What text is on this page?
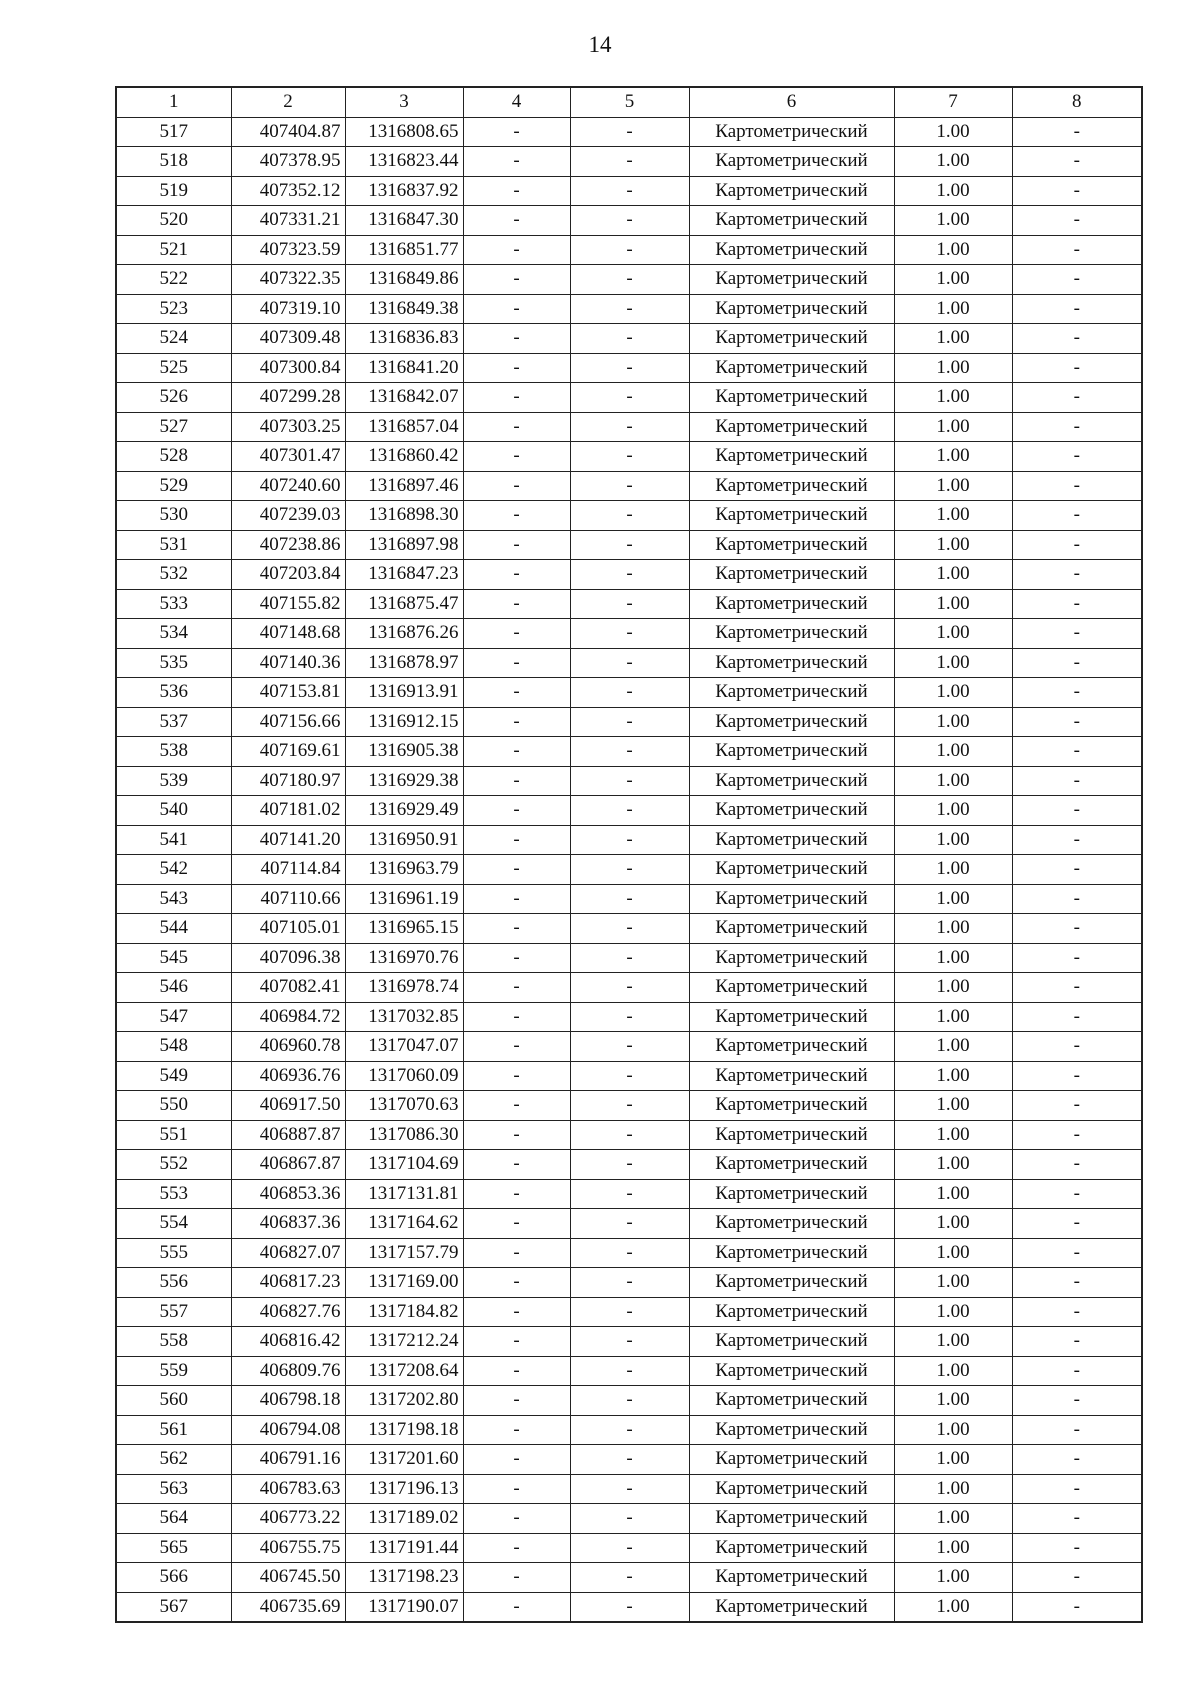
14
1	2	3	4	5	6	7	8
517	407404.87	1316808.65	-	-	Картометрический	1.00	-
518	407378.95	1316823.44	-	-	Картометрический	1.00	-
519	407352.12	1316837.92	-	-	Картометрический	1.00	-
520	407331.21	1316847.30	-	-	Картометрический	1.00	-
521	407323.59	1316851.77	-	-	Картометрический	1.00	-
522	407322.35	1316849.86	-	-	Картометрический	1.00	-
523	407319.10	1316849.38	-	-	Картометрический	1.00	-
524	407309.48	1316836.83	-	-	Картометрический	1.00	-
525	407300.84	1316841.20	-	-	Картометрический	1.00	-
526	407299.28	1316842.07	-	-	Картометрический	1.00	-
527	407303.25	1316857.04	-	-	Картометрический	1.00	-
528	407301.47	1316860.42	-	-	Картометрический	1.00	-
529	407240.60	1316897.46	-	-	Картометрический	1.00	-
530	407239.03	1316898.30	-	-	Картометрический	1.00	-
531	407238.86	1316897.98	-	-	Картометрический	1.00	-
532	407203.84	1316847.23	-	-	Картометрический	1.00	-
533	407155.82	1316875.47	-	-	Картометрический	1.00	-
534	407148.68	1316876.26	-	-	Картометрический	1.00	-
535	407140.36	1316878.97	-	-	Картометрический	1.00	-
536	407153.81	1316913.91	-	-	Картометрический	1.00	-
537	407156.66	1316912.15	-	-	Картометрический	1.00	-
538	407169.61	1316905.38	-	-	Картометрический	1.00	-
539	407180.97	1316929.38	-	-	Картометрический	1.00	-
540	407181.02	1316929.49	-	-	Картометрический	1.00	-
541	407141.20	1316950.91	-	-	Картометрический	1.00	-
542	407114.84	1316963.79	-	-	Картометрический	1.00	-
543	407110.66	1316961.19	-	-	Картометрический	1.00	-
544	407105.01	1316965.15	-	-	Картометрический	1.00	-
545	407096.38	1316970.76	-	-	Картометрический	1.00	-
546	407082.41	1316978.74	-	-	Картометрический	1.00	-
547	406984.72	1317032.85	-	-	Картометрический	1.00	-
548	406960.78	1317047.07	-	-	Картометрический	1.00	-
549	406936.76	1317060.09	-	-	Картометрический	1.00	-
550	406917.50	1317070.63	-	-	Картометрический	1.00	-
551	406887.87	1317086.30	-	-	Картометрический	1.00	-
552	406867.87	1317104.69	-	-	Картометрический	1.00	-
553	406853.36	1317131.81	-	-	Картометрический	1.00	-
554	406837.36	1317164.62	-	-	Картометрический	1.00	-
555	406827.07	1317157.79	-	-	Картометрический	1.00	-
556	406817.23	1317169.00	-	-	Картометрический	1.00	-
557	406827.76	1317184.82	-	-	Картометрический	1.00	-
558	406816.42	1317212.24	-	-	Картометрический	1.00	-
559	406809.76	1317208.64	-	-	Картометрический	1.00	-
560	406798.18	1317202.80	-	-	Картометрический	1.00	-
561	406794.08	1317198.18	-	-	Картометрический	1.00	-
562	406791.16	1317201.60	-	-	Картометрический	1.00	-
563	406783.63	1317196.13	-	-	Картометрический	1.00	-
564	406773.22	1317189.02	-	-	Картометрический	1.00	-
565	406755.75	1317191.44	-	-	Картометрический	1.00	-
566	406745.50	1317198.23	-	-	Картометрический	1.00	-
567	406735.69	1317190.07	-	-	Картометрический	1.00	-
